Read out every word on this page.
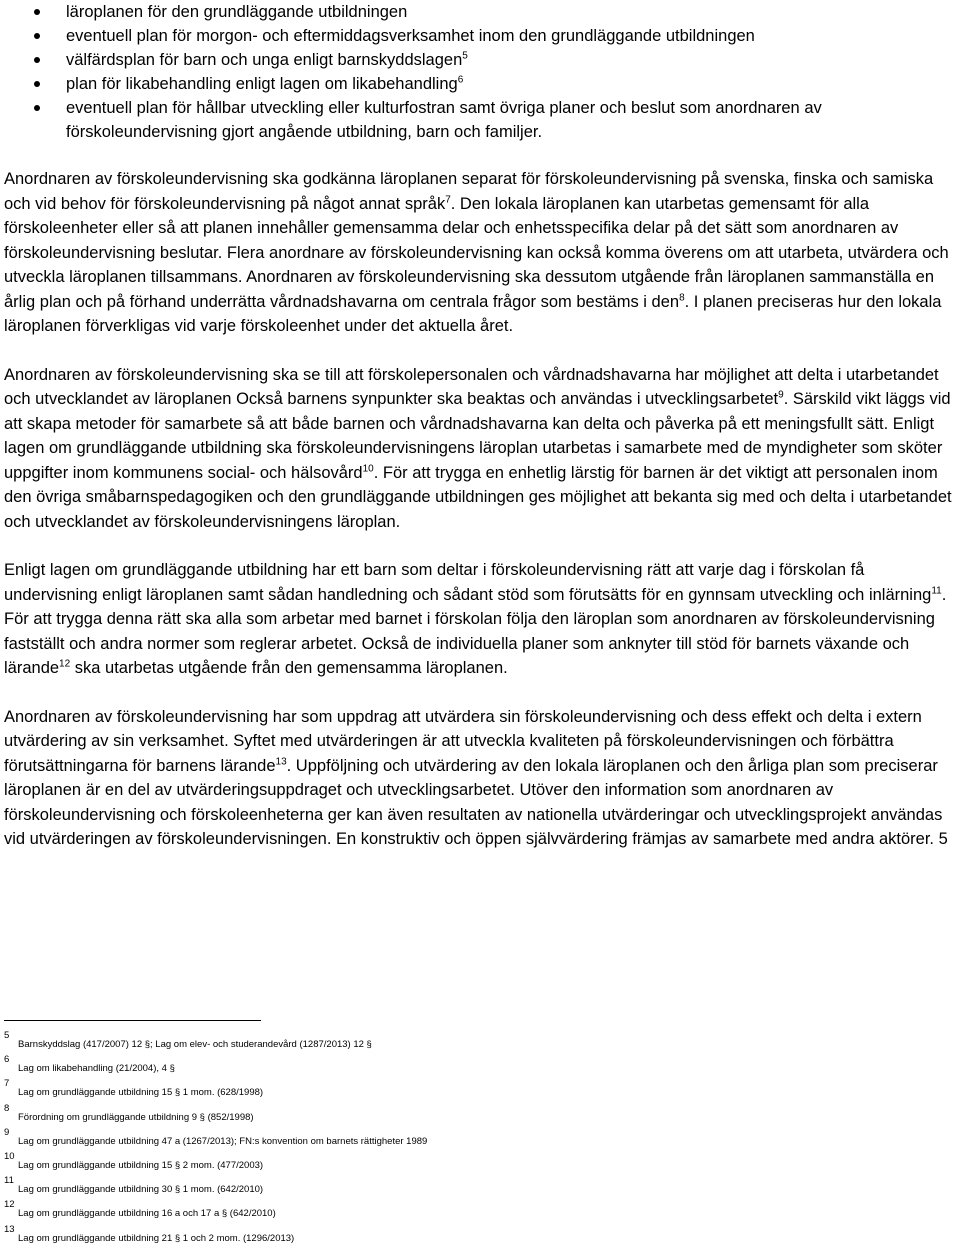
läroplanen för den grundläggande utbildningen
eventuell plan för morgon- och eftermiddagsverksamhet inom den grundläggande utbildningen
välfärdsplan för barn och unga enligt barnskyddslagen$^5$
plan för likabehandling enligt lagen om likabehandling$^6$
eventuell plan för hållbar utveckling eller kulturfostran samt övriga planer och beslut som anordnaren av förskoleundervisning gjort angående utbildning, barn och familjer.

Anordnaren av förskoleundervisning ska godkänna läroplanen separat för förskoleundervisning på svenska, finska och samiska och vid behov för förskoleundervisning på något annat språk$^7$. Den lokala läroplanen kan utarbetas gemensamt för alla förskoleenheter eller så att planen innehåller gemensamma delar och enhetsspecifika delar på det sätt som anordnaren av förskoleundervisning beslutar. Flera anordnare av förskoleundervisning kan också komma överens om att utarbeta, utvärdera och utveckla läroplanen tillsammans. Anordnaren av förskoleundervisning ska dessutom utgående från läroplanen sammanställa en årlig plan och på förhand underrätta vårdnadshavarna om centrala frågor som bestäms i den$^8$. I planen preciseras hur den lokala läroplanen förverkligas vid varje förskoleenhet under det aktuella året.

Anordnaren av förskoleundervisning ska se till att förskolepersonalen och vårdnadshavarna har möjlighet att delta i utarbetandet och utvecklandet av läroplanen Också barnens synpunkter ska beaktas och användas i utvecklingsarbetet$^9$. Särskild vikt läggs vid att skapa metoder för samarbete så att både barnen och vårdnadshavarna kan delta och påverka på ett meningsfullt sätt. Enligt lagen om grundläggande utbildning ska förskoleundervisningens läroplan utarbetas i samarbete med de myndigheter som sköter uppgifter inom kommunens social- och hälsovård$^{10}$. För att trygga en enhetlig lärstig för barnen är det viktigt att personalen inom den övriga småbarnspedagogiken och den grundläggande utbildningen ges möjlighet att bekanta sig med och delta i utarbetandet och utvecklandet av förskoleundervisningens läroplan.

Enligt lagen om grundläggande utbildning har ett barn som deltar i förskoleundervisning rätt att varje dag i förskolan få undervisning enligt läroplanen samt sådan handledning och sådant stöd som förutsätts för en gynnsam utveckling och inlärning$^{11}$. För att trygga denna rätt ska alla som arbetar med barnet i förskolan följa den läroplan som anordnaren av förskoleundervisning fastställt och andra normer som reglerar arbetet. Också de individuella planer som anknyter till stöd för barnets växande och lärande$^{12}$ ska utarbetas utgående från den gemensamma läroplanen.

Anordnaren av förskoleundervisning har som uppdrag att utvärdera sin förskoleundervisning och dess effekt och delta i extern utvärdering av sin verksamhet. Syftet med utvärderingen är att utveckla kvaliteten på förskoleundervisningen och förbättra förutsättningarna för barnens lärande$^{13}$. Uppföljning och utvärdering av den lokala läroplanen och den årliga plan som preciserar läroplanen är en del av utvärderingsuppdraget och utvecklingsarbetet. Utöver den information som anordnaren av förskoleundervisning och förskoleenheterna ger kan även resultaten av nationella utvärderingar och utvecklingsprojekt användas vid utvärderingen av förskoleundervisningen. En konstruktiv och öppen självvärdering främjas av samarbete med andra aktörer. 5

5
Barnskyddslag (417/2007) 12 §; Lag om elev- och studerandevård (1287/2013) 12 §
6
Lag om likabehandling (21/2004), 4 §
7
Lag om grundläggande utbildning 15 § 1 mom. (628/1998)
8
Förordning om grundläggande utbildning 9 § (852/1998)
9
Lag om grundläggande utbildning 47 a (1267/2013); FN:s konvention om barnets rättigheter 1989
10
Lag om grundläggande utbildning 15 § 2 mom. (477/2003)
11
Lag om grundläggande utbildning 30 § 1 mom. (642/2010)
12
Lag om grundläggande utbildning 16 a och 17 a § (642/2010)
13
Lag om grundläggande utbildning 21 § 1 och 2 mom. (1296/2013)
